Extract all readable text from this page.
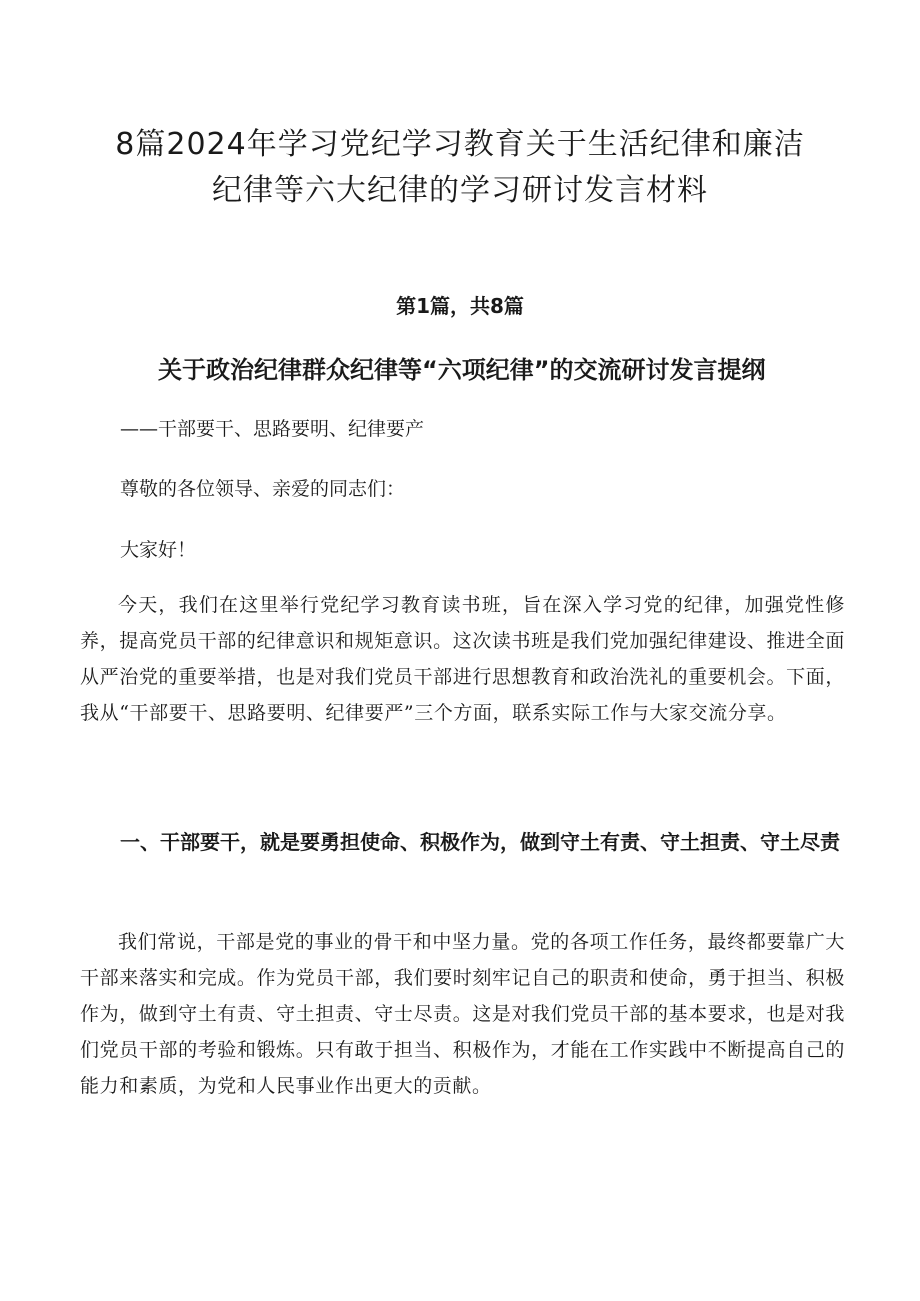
8篇2024年学习党纪学习教育关于生活纪律和廉洁
纪律等六大纪律的学习研讨发言材料

第1篇，共8篇

关于政治纪律群众纪律等“六项纪律”的交流研讨发言提纲

——干部要干、思路要明、纪律要产

尊敬的各位领导、亲爱的同志们：

大家好！

今天，我们在这里举行党纪学习教育读书班，旨在深入学习党的纪律，加强党性修养，提高党员干部的纪律意识和规矩意识。这次读书班是我们党加强纪律建设、推进全面从严治党的重要举措，也是对我们党员干部进行思想教育和政治洗礼的重要机会。下面，我从“干部要干、思路要明、纪律要严”三个方面，联系实际工作与大家交流分享。

一、干部要干，就是要勇担使命、积极作为，做到守土有责、守土担责、守土尽责

我们常说，干部是党的事业的骨干和中坚力量。党的各项工作任务，最终都要靠广大干部来落实和完成。作为党员干部，我们要时刻牢记自己的职责和使命，勇于担当、积极作为，做到守土有责、守土担责、守士尽责。这是对我们党员干部的基本要求，也是对我们党员干部的考验和锻炼。只有敢于担当、积极作为，才能在工作实践中不断提高自己的能力和素质，为党和人民事业作出更大的贡献。
